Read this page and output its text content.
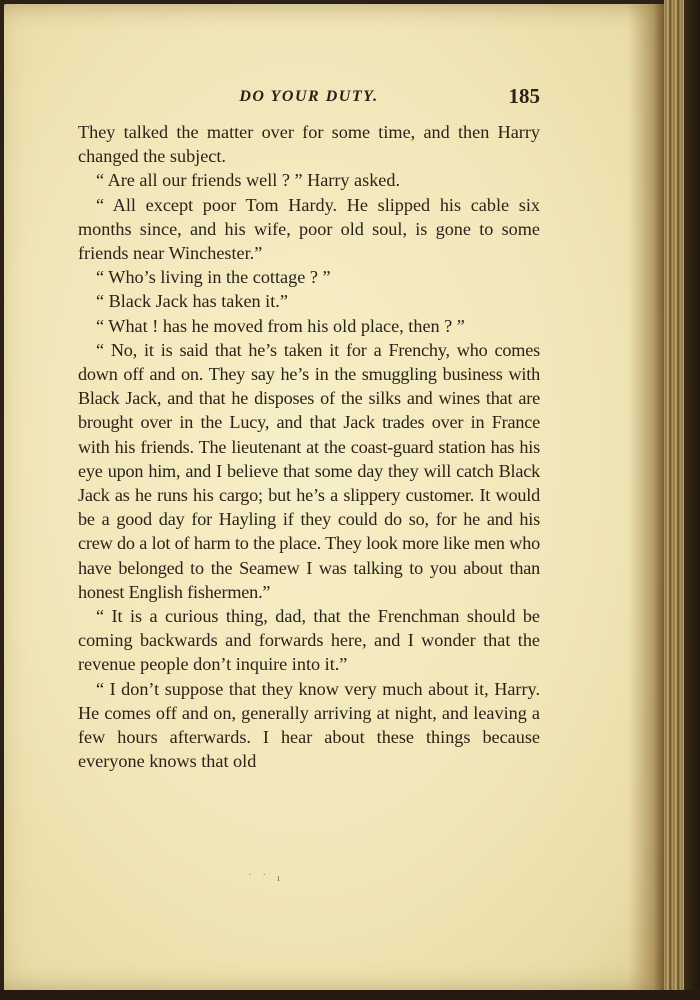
DO YOUR DUTY.	185

They talked the matter over for some time, and then Harry changed the subject.

“ Are all our friends well ? ” Harry asked.

“ All except poor Tom Hardy. He slipped his cable six months since, and his wife, poor old soul, is gone to some friends near Winchester.”

“ Who’s living in the cottage ? ”

“ Black Jack has taken it.”

“ What ! has he moved from his old place, then ? ”

“ No, it is said that he’s taken it for a Frenchy, who comes down off and on. They say he’s in the smuggling business with Black Jack, and that he disposes of the silks and wines that are brought over in the Lucy, and that Jack trades over in France with his friends. The lieutenant at the coast-guard station has his eye upon him, and I believe that some day they will catch Black Jack as he runs his cargo; but he’s a slippery customer. It would be a good day for Hayling if they could do so, for he and his crew do a lot of harm to the place. They look more like men who have belonged to the Seamew I was talking to you about than honest English fishermen.”

“ It is a curious thing, dad, that the Frenchman should be coming backwards and forwards here, and I wonder that the revenue people don’t inquire into it.”

“ I don’t suppose that they know very much about it, Harry. He comes off and on, generally arriving at night, and leaving a few hours afterwards. I hear about these things because everyone knows that old

˙ ˙ ı
